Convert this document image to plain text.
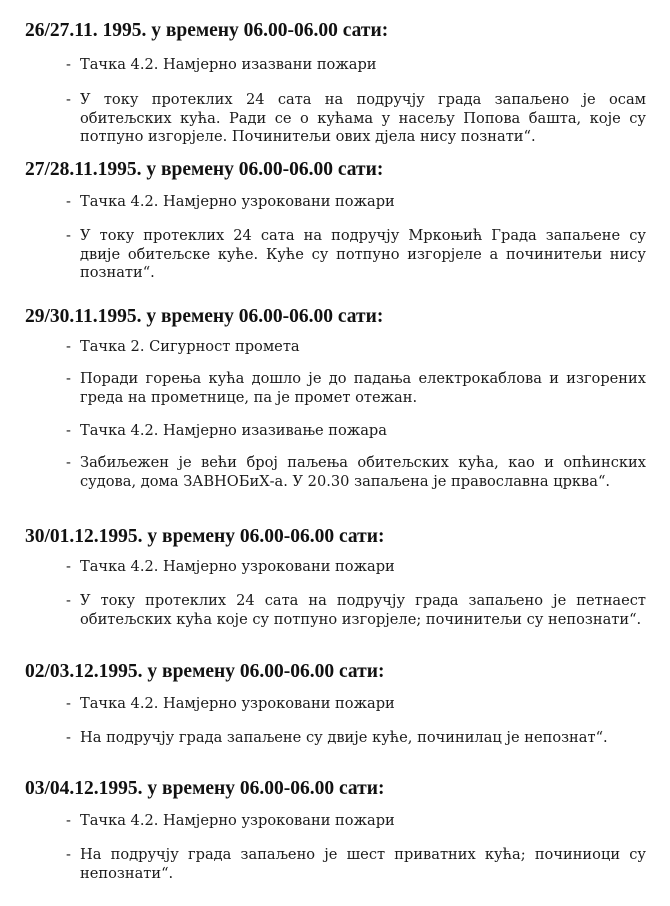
26/27.11. 1995. у времену 06.00-06.00 сати:
- Тачка 4.2. Намјерно изазвани пожари
- У току протеклих 24 сата на подручју града запаљено је осам обитељских кућа. Ради се о кућама у насељу Попова башта, које су потпуно изгорјеле. Починитељи ових дјела нису познати“.
27/28.11.1995. у времену 06.00-06.00 сати:
- Тачка 4.2. Намјерно узроковани пожари
- У току протеклих 24 сата на подручју Мркоњић Града запаљене су двије обитељске куће. Куће су потпуно изгорјеле а починитељи нису познати“.
29/30.11.1995. у времену 06.00-06.00 сати:
- Тачка 2. Сигурност промета
- Поради горења кућа дошло је до падања електрокаблова и изгорених греда на прометнице, па је промет отежан.
- Тачка 4.2. Намјерно изазивање пожара
- Забиљежен је већи број паљења обитељских кућа, као и опћинских судова, дома ЗАВНОБиХ-а. У 20.30 запаљена је православна црква“.
30/01.12.1995. у времену 06.00-06.00 сати:
- Тачка 4.2. Намјерно узроковани пожари
- У току протеклих 24 сата на подручју града запаљено је петнаест обитељских кућа које су потпуно изгорјеле; починитељи су непознати“.
02/03.12.1995. у времену 06.00-06.00 сати:
- Тачка 4.2. Намјерно узроковани пожари
- На подручју града запаљене су двије куће, починилац је непознат“.
03/04.12.1995. у времену 06.00-06.00 сати:
- Тачка 4.2. Намјерно узроковани пожари
- На подручју града запаљено је шест приватних кућа; починиоци су непознати“.
